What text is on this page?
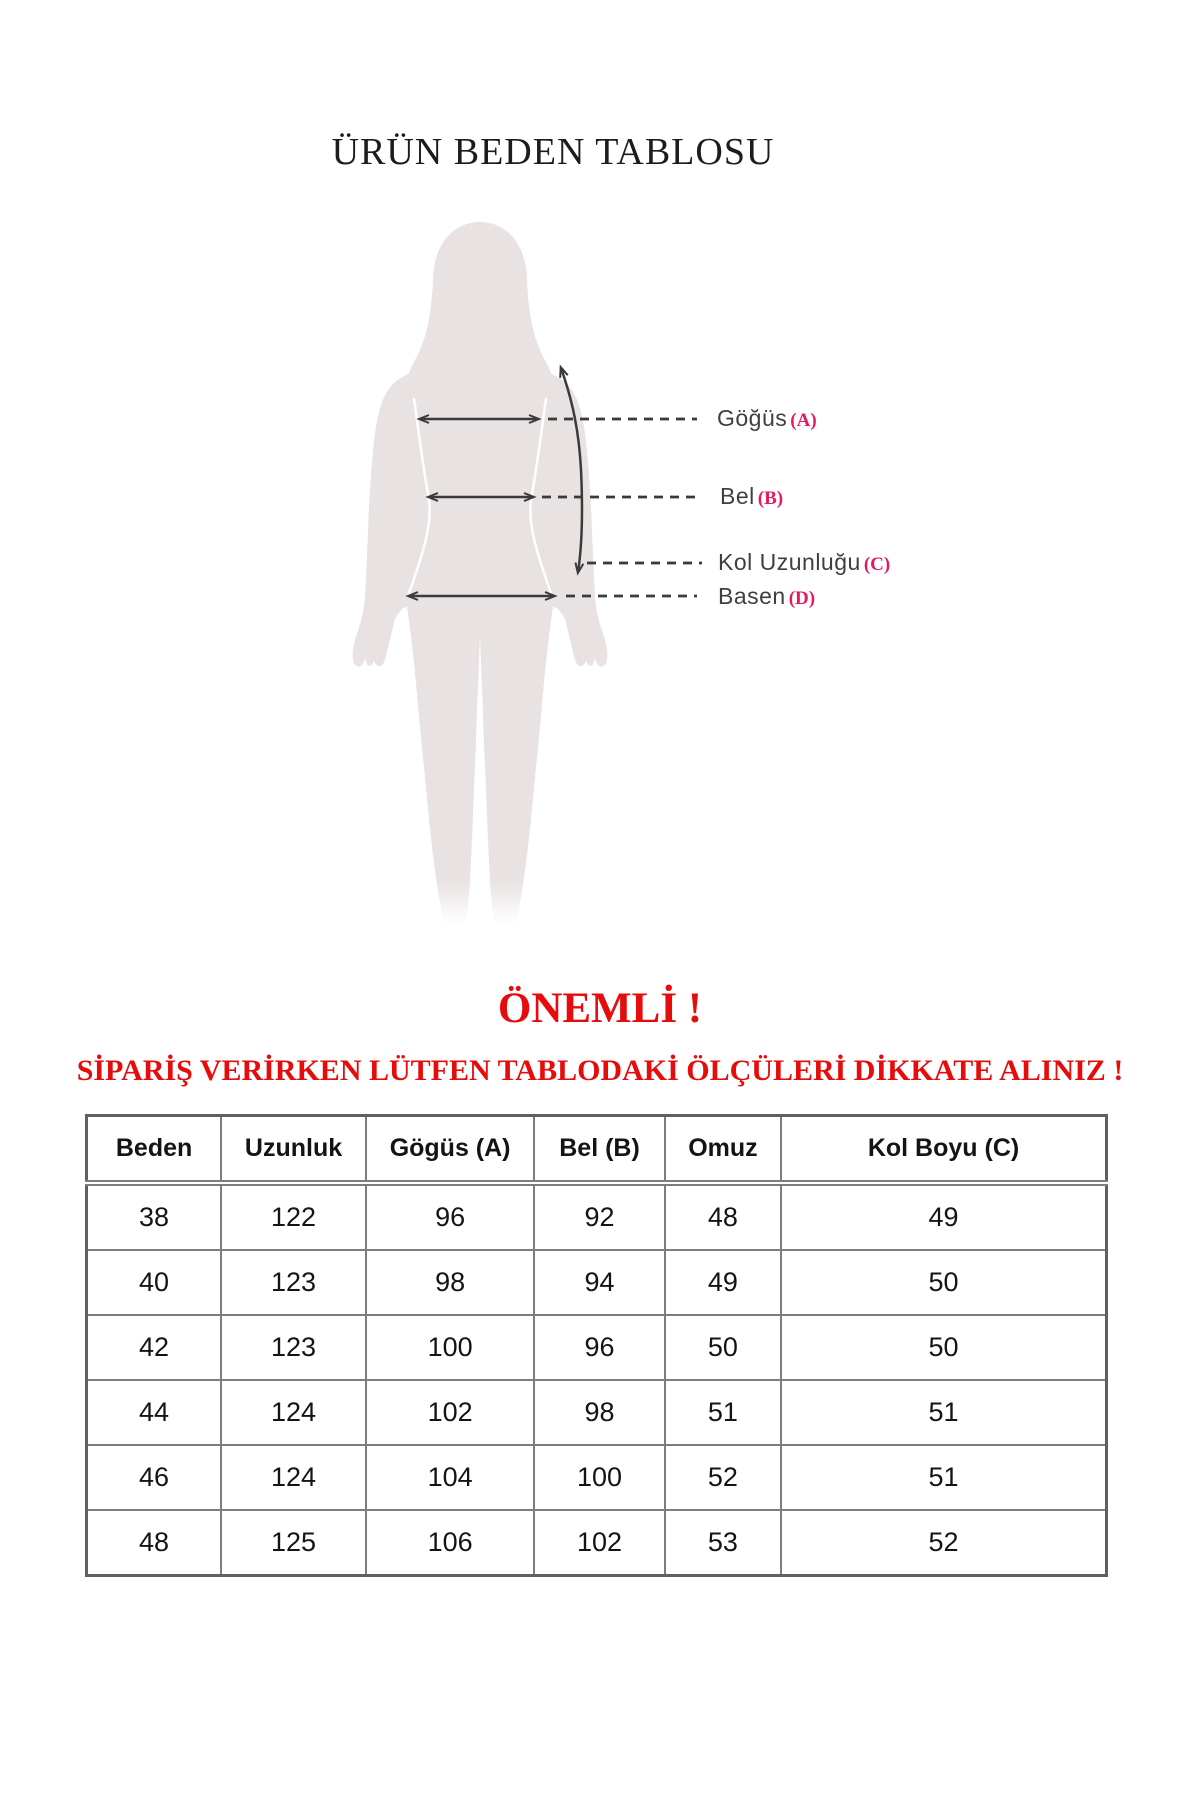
ÜRÜN BEDEN TABLOSU
Göğüs (A)
Bel (B)
Kol Uzunluğu (C)
Basen (D)
ÖNEMLİ !
SİPARİŞ VERİRKEN LÜTFEN TABLODAKİ ÖLÇÜLERİ DİKKATE ALINIZ !
Beden	Uzunluk	Gögüs (A)	Bel (B)	Omuz	Kol Boyu (C)
38	122	96	92	48	49
40	123	98	94	49	50
42	123	100	96	50	50
44	124	102	98	51	51
46	124	104	100	52	51
48	125	106	102	53	52
